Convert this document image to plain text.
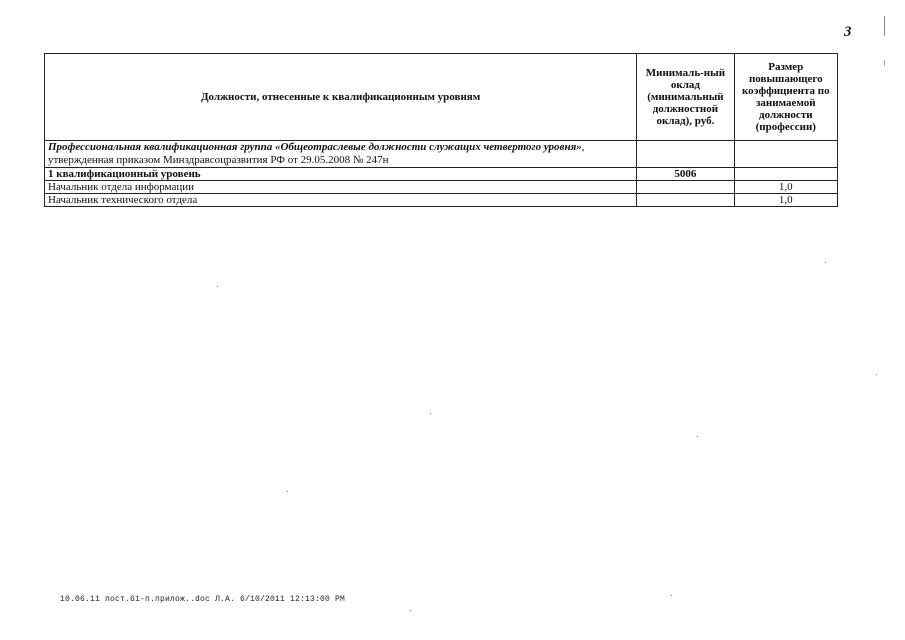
3
Должности, отнесенные к квалификационным уровням	Минималь-ный оклад (минимальный должностной оклад), руб.	Размер повышающего коэффициента по занимаемой должности (профессии)
Профессиональная квалификационная группа «Общеотраслевые должности служащих четвертого уровня», утвержденная приказом Минздравсоцразвития РФ от 29.05.2008 № 247н		
1 квалификационный уровень	5006	
Начальник отдела информации		1,0
Начальник технического отдела		1,0
10.06.11 пост.61-п.прилож..doc Л.А. 6/10/2011 12:13:00 PM
